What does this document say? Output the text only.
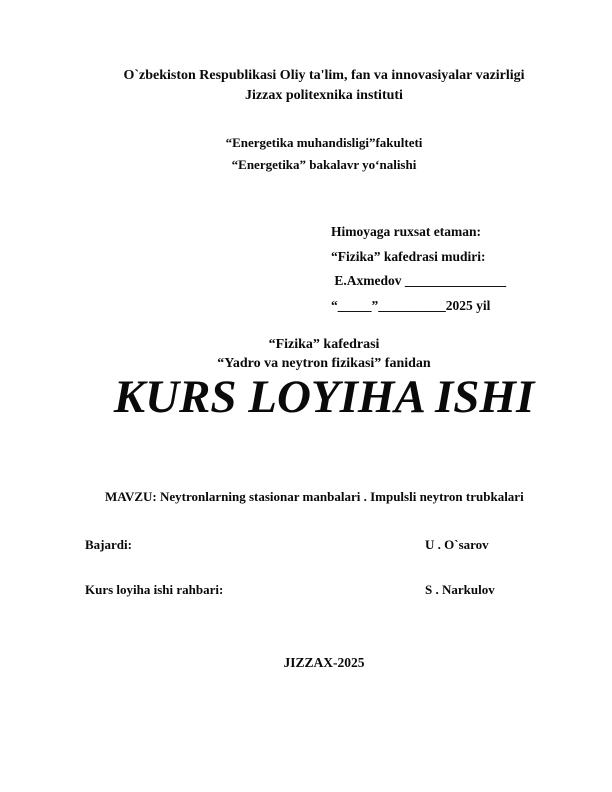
O`zbekiston Respublikasi Oliy ta'lim, fan va innovasiyalar vazirligi
Jizzax politexnika instituti
“Energetika muhandisligi”fakulteti
“Energetika” bakalavr yo‘nalishi
Himoyaga ruxsat etaman:
“Fizika” kafedrasi mudiri:
E.Axmedov _______________
“_____”__________2025 yil
“Fizika” kafedrasi
“Yadro va neytron fizikasi” fanidan
KURS LOYIHA ISHI
MAVZU: Neytronlarning stasionar manbalari . Impulsli neytron trubkalari
Bajardi:	U . O`sarov
Kurs loyiha ishi rahbari:	S . Narkulov
JIZZAX-2025
